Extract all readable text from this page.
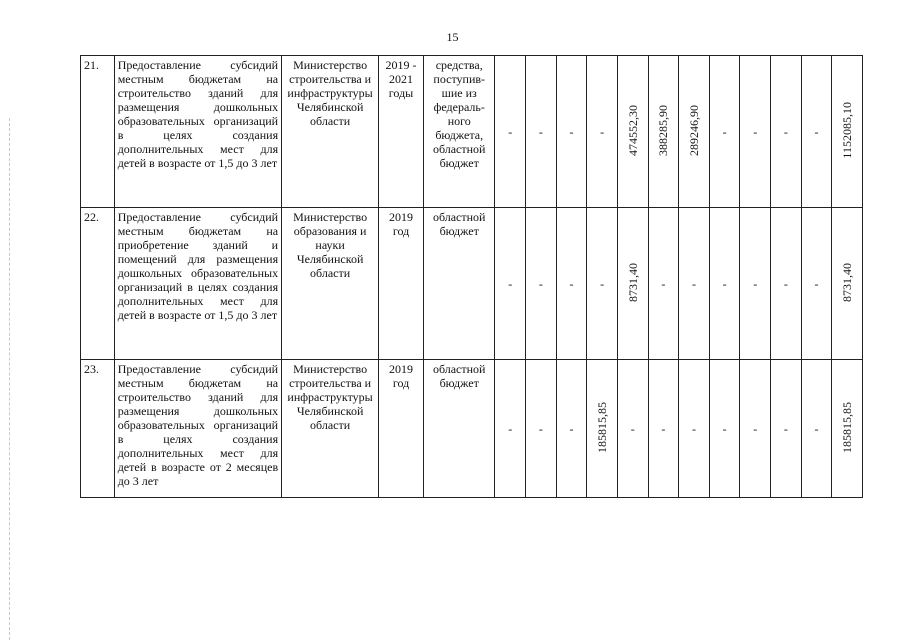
15
21.	Предоставление субсидий местным бюджетам на строительство зданий для размещения дошкольных образовательных организаций в целях создания дополнительных мест для детей в возрасте от 1,5 до 3 лет	Министерство строительства и инфраструктуры Челябинской области	2019 - 2021 годы	средства, поступив-шие из федераль-ного бюджета, областной бюджет	-	-	-	-	474552,30	388285,90	289246,90	-	-	-	-	1152085,10
22.	Предоставление субсидий местным бюджетам на приобретение зданий и помещений для размещения дошкольных образовательных организаций в целях создания дополнительных мест для детей в возрасте от 1,5 до 3 лет	Министерство образования и науки Челябинской области	2019 год	областной бюджет	-	-	-	-	8731,40	-	-	-	-	-	-	8731,40
23.	Предоставление субсидий местным бюджетам на строительство зданий для размещения дошкольных образовательных организаций в целях создания дополнительных мест для детей в возрасте от 2 месяцев до 3 лет	Министерство строительства и инфраструктуры Челябинской области	2019 год	областной бюджет	-	-	-	185815,85	-	-	-	-	-	-	-	185815,85
